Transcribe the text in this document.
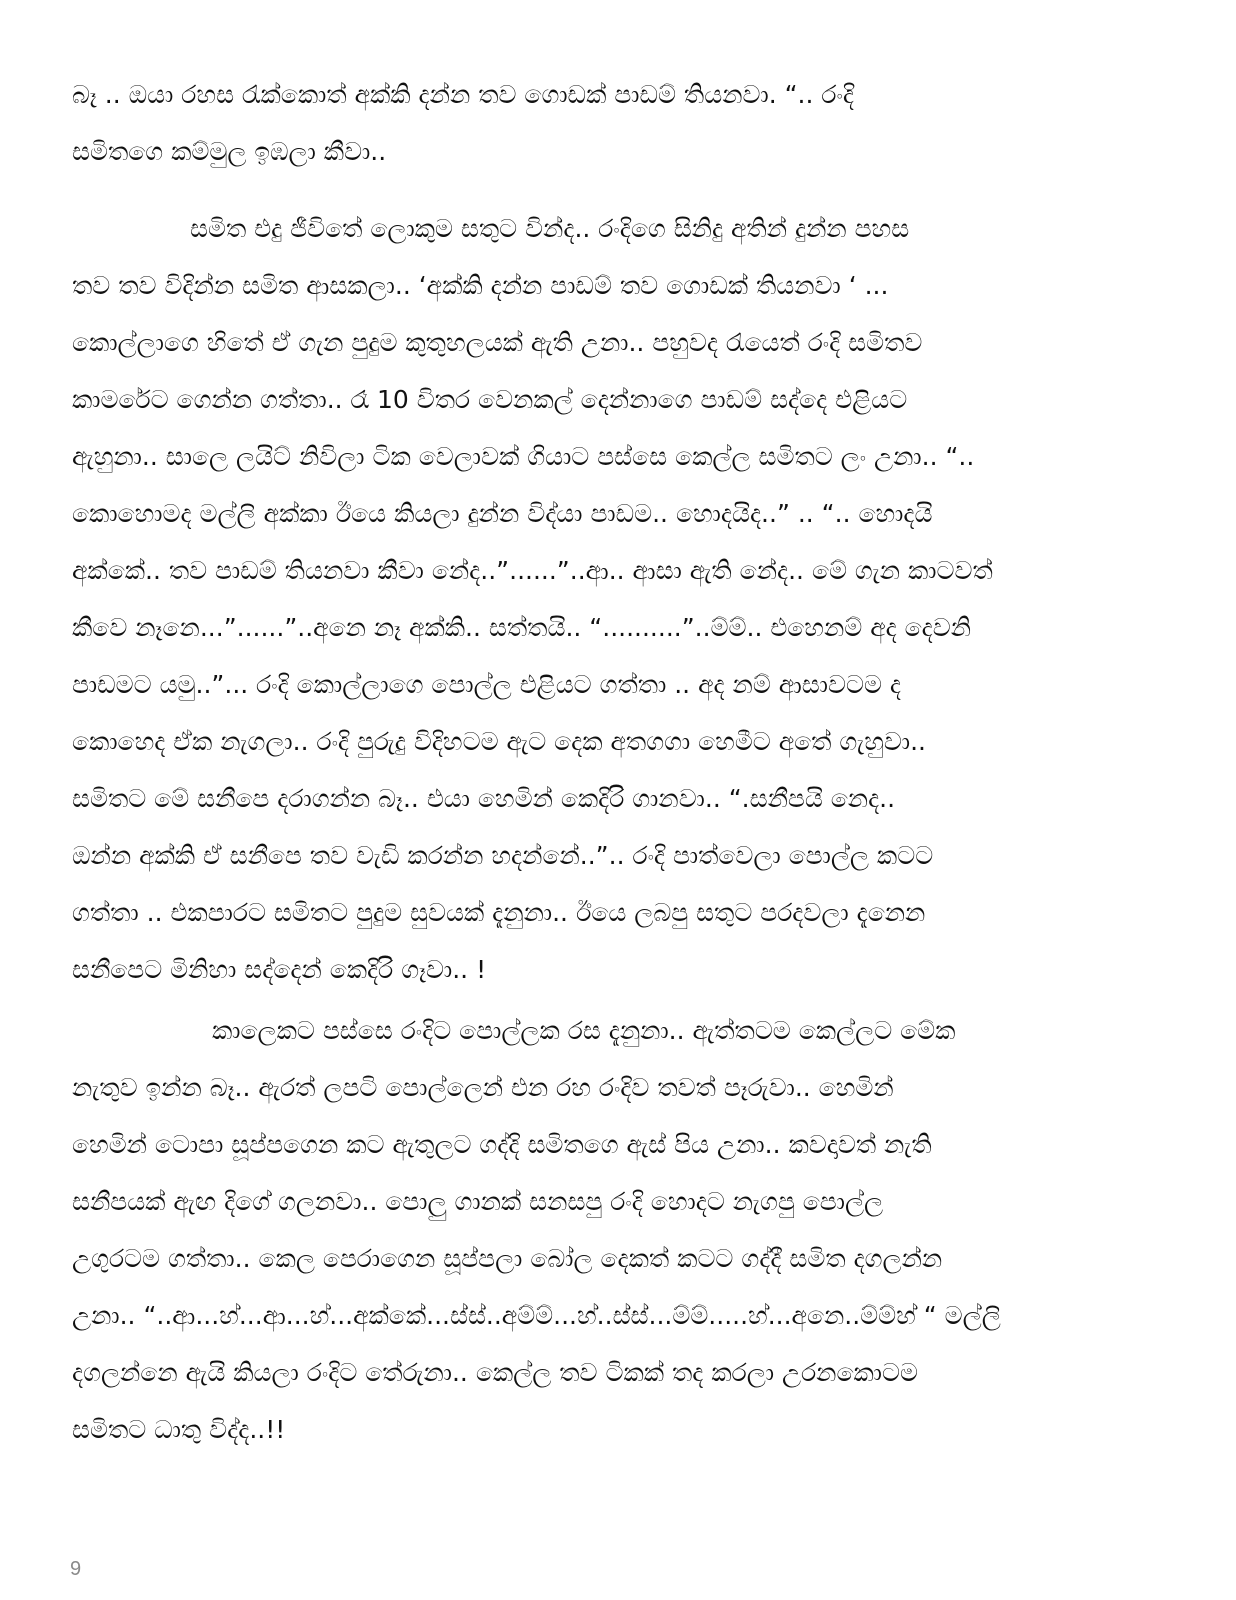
බෑ .. ඔයා රහස රැක්කොත් අක්කි දන්න තව ගොඩක් පාඩම් තියනවා. “.. රංදි
සමිතගෙ කම්මුල ඉඹලා කීවා..
සමිත එදු ජීවිතේ ලොකුම සතුට වින්ද.. රංදිගෙ සිනිදු අතින් දුන්න පහස
තව තව විදින්න සමිත ආසකලා.. ‘අක්කි දන්න පාඩම් තව ගොඩක් තියනවා ‘ ...
කොල්ලාගෙ හිතේ ඒ ගැන පුදුම කුතුහලයක් ඇති උනා.. පහුවද රැයෙත් රංදි සමිතව
කාමරේට ගෙන්න ගත්තා.. රෑ 10 විතර වෙනකල් දෙන්නාගෙ පාඩම් සද්දෙ එළියට
ඇහුනා.. සාලෙ ලයිට් නිවිලා ටික වෙලාවක් ගියාට පස්සෙ කෙල්ල සමිතට ලං උනා.. “..
කොහොමද මල්ලි අක්කා ඊයෙ කියලා දුන්න විද්යා පාඩම.. හොදයිද..” .. “.. හොදයි
අක්කේ.. තව පාඩම් තියනවා කීවා නේද..”......”..ආ.. ආසා ඇති නේද.. මේ ගැන කාටවත්
කීවෙ නෑනෙ...”......”..අනෙ නෑ අක්කි.. සත්තයි.. “..........”..ම්ම්.. එහෙනම් අද දෙවනි
පාඩමට යමු..”... රංදි කොල්ලාගෙ පොල්ල එළියට ගත්තා .. අද නම් ආසාවටම ද
කොහෙද ඒක නැගලා.. රංදි පුරුදු විදිහටම ඇට දෙක අතගගා හෙමීට අතේ ගැහුවා..
සමිතට මේ සනීපෙ දරාගන්න බෑ.. එයා හෙමින් කෙදිරි ගානවා.. “.සනීපයි නෙද..
ඔන්න අක්කි ඒ සනීපෙ තව වැඩි කරන්න හදන්නේ..”.. රංදි පාත්වෙලා පොල්ල කටට
ගත්තා .. එකපාරට සමිතට පුදුම සුවයක් දැනුනා.. ඊයෙ ලබපු සතුට පරදවලා දැනෙන
සනීපෙට මිනිහා සද්දෙන් කෙදිරි ගෑවා.. !
කාලෙකට පස්සෙ රංදිට පොල්ලක රස දැනුනා.. ඇත්තටම කෙල්ලට මේක
නැතුව ඉන්න බෑ.. ඇරත් ලපටි පොල්ලෙන් එන රහ රංදිව තවත් පෑරුවා.. හෙමින්
හෙමින් ටොපා සූප්පගෙන කට ඇතුලට ගද්දි සමිතගෙ ඇස් පිය උනා.. කවදාවත් නැති
සනීපයක් ඇඟ දිගේ ගලනවා.. පොලු ගානක් සනසපු රංදි හොදට නැගපු පොල්ල
උගුරටම ගත්තා.. කෙල පෙරාගෙන සූප්පලා බෝල දෙකත් කටට ගද්දී සමිත දගලන්න
උනා.. “..ආ...හ්...ආ...හ්...අක්කේ...ස්ස්..අම්ම්...හ්..ස්ස්...ම්ම්.....හ්...අනෙ..ම්ම්හ් “ මල්ලි
දගලන්නෙ ඇයි කියලා රංදිට තේරුනා.. කෙල්ල තව ටිකක් තද කරලා උරනකොටම
සමිතට ධාතු විද්ද..!!
9
